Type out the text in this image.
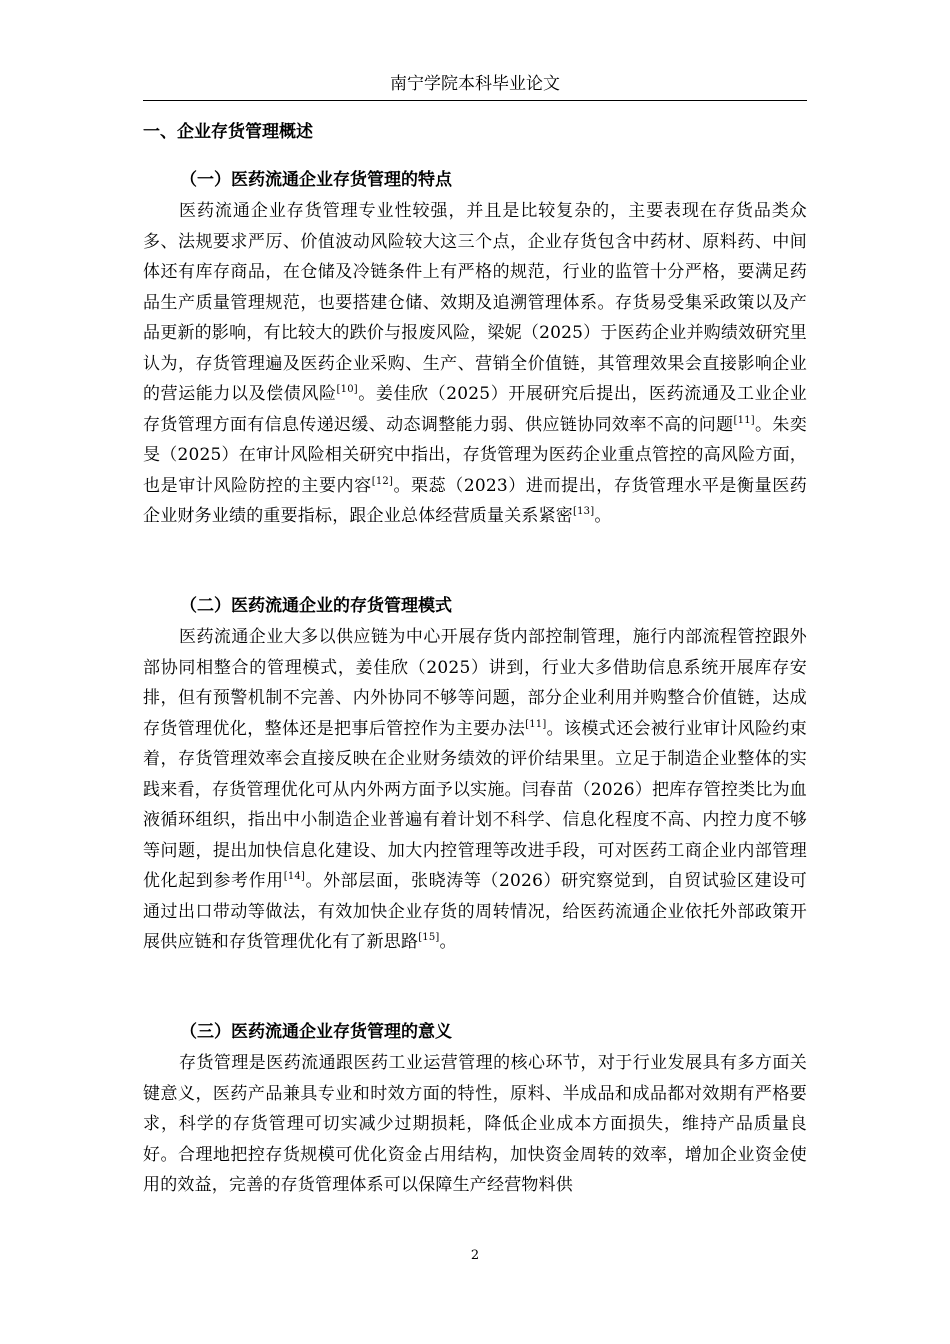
南宁学院本科毕业论文
一、企业存货管理概述
（一）医药流通企业存货管理的特点
医药流通企业存货管理专业性较强，并且是比较复杂的，主要表现在存货品类众多、法规要求严厉、价值波动风险较大这三个点，企业存货包含中药材、原料药、中间体还有库存商品，在仓储及冷链条件上有严格的规范，行业的监管十分严格，要满足药品生产质量管理规范，也要搭建仓储、效期及追溯管理体系。存货易受集采政策以及产品更新的影响，有比较大的跌价与报废风险，梁妮（2025）于医药企业并购绩效研究里认为，存货管理遍及医药企业采购、生产、营销全价值链，其管理效果会直接影响企业的营运能力以及偿债风险[10]。姜佳欣（2025）开展研究后提出，医药流通及工业企业存货管理方面有信息传递迟缓、动态调整能力弱、供应链协同效率不高的问题[11]。朱奕旻（2025）在审计风险相关研究中指出，存货管理为医药企业重点管控的高风险方面，也是审计风险防控的主要内容[12]。栗蕊（2023）进而提出，存货管理水平是衡量医药企业财务业绩的重要指标，跟企业总体经营质量关系紧密[13]。
（二）医药流通企业的存货管理模式
医药流通企业大多以供应链为中心开展存货内部控制管理，施行内部流程管控跟外部协同相整合的管理模式，姜佳欣（2025）讲到，行业大多借助信息系统开展库存安排，但有预警机制不完善、内外协同不够等问题，部分企业利用并购整合价值链，达成存货管理优化，整体还是把事后管控作为主要办法[11]。该模式还会被行业审计风险约束着，存货管理效率会直接反映在企业财务绩效的评价结果里。立足于制造企业整体的实践来看，存货管理优化可从内外两方面予以实施。闫春苗（2026）把库存管控类比为血液循环组织，指出中小制造企业普遍有着计划不科学、信息化程度不高、内控力度不够等问题，提出加快信息化建设、加大内控管理等改进手段，可对医药工商企业内部管理优化起到参考作用[14]。外部层面，张晓涛等（2026）研究察觉到，自贸试验区建设可通过出口带动等做法，有效加快企业存货的周转情况，给医药流通企业依托外部政策开展供应链和存货管理优化有了新思路[15]。
（三）医药流通企业存货管理的意义
存货管理是医药流通跟医药工业运营管理的核心环节，对于行业发展具有多方面关键意义，医药产品兼具专业和时效方面的特性，原料、半成品和成品都对效期有严格要求，科学的存货管理可切实减少过期损耗，降低企业成本方面损失，维持产品质量良好。合理地把控存货规模可优化资金占用结构，加快资金周转的效率，增加企业资金使用的效益，完善的存货管理体系可以保障生产经营物料供
2
